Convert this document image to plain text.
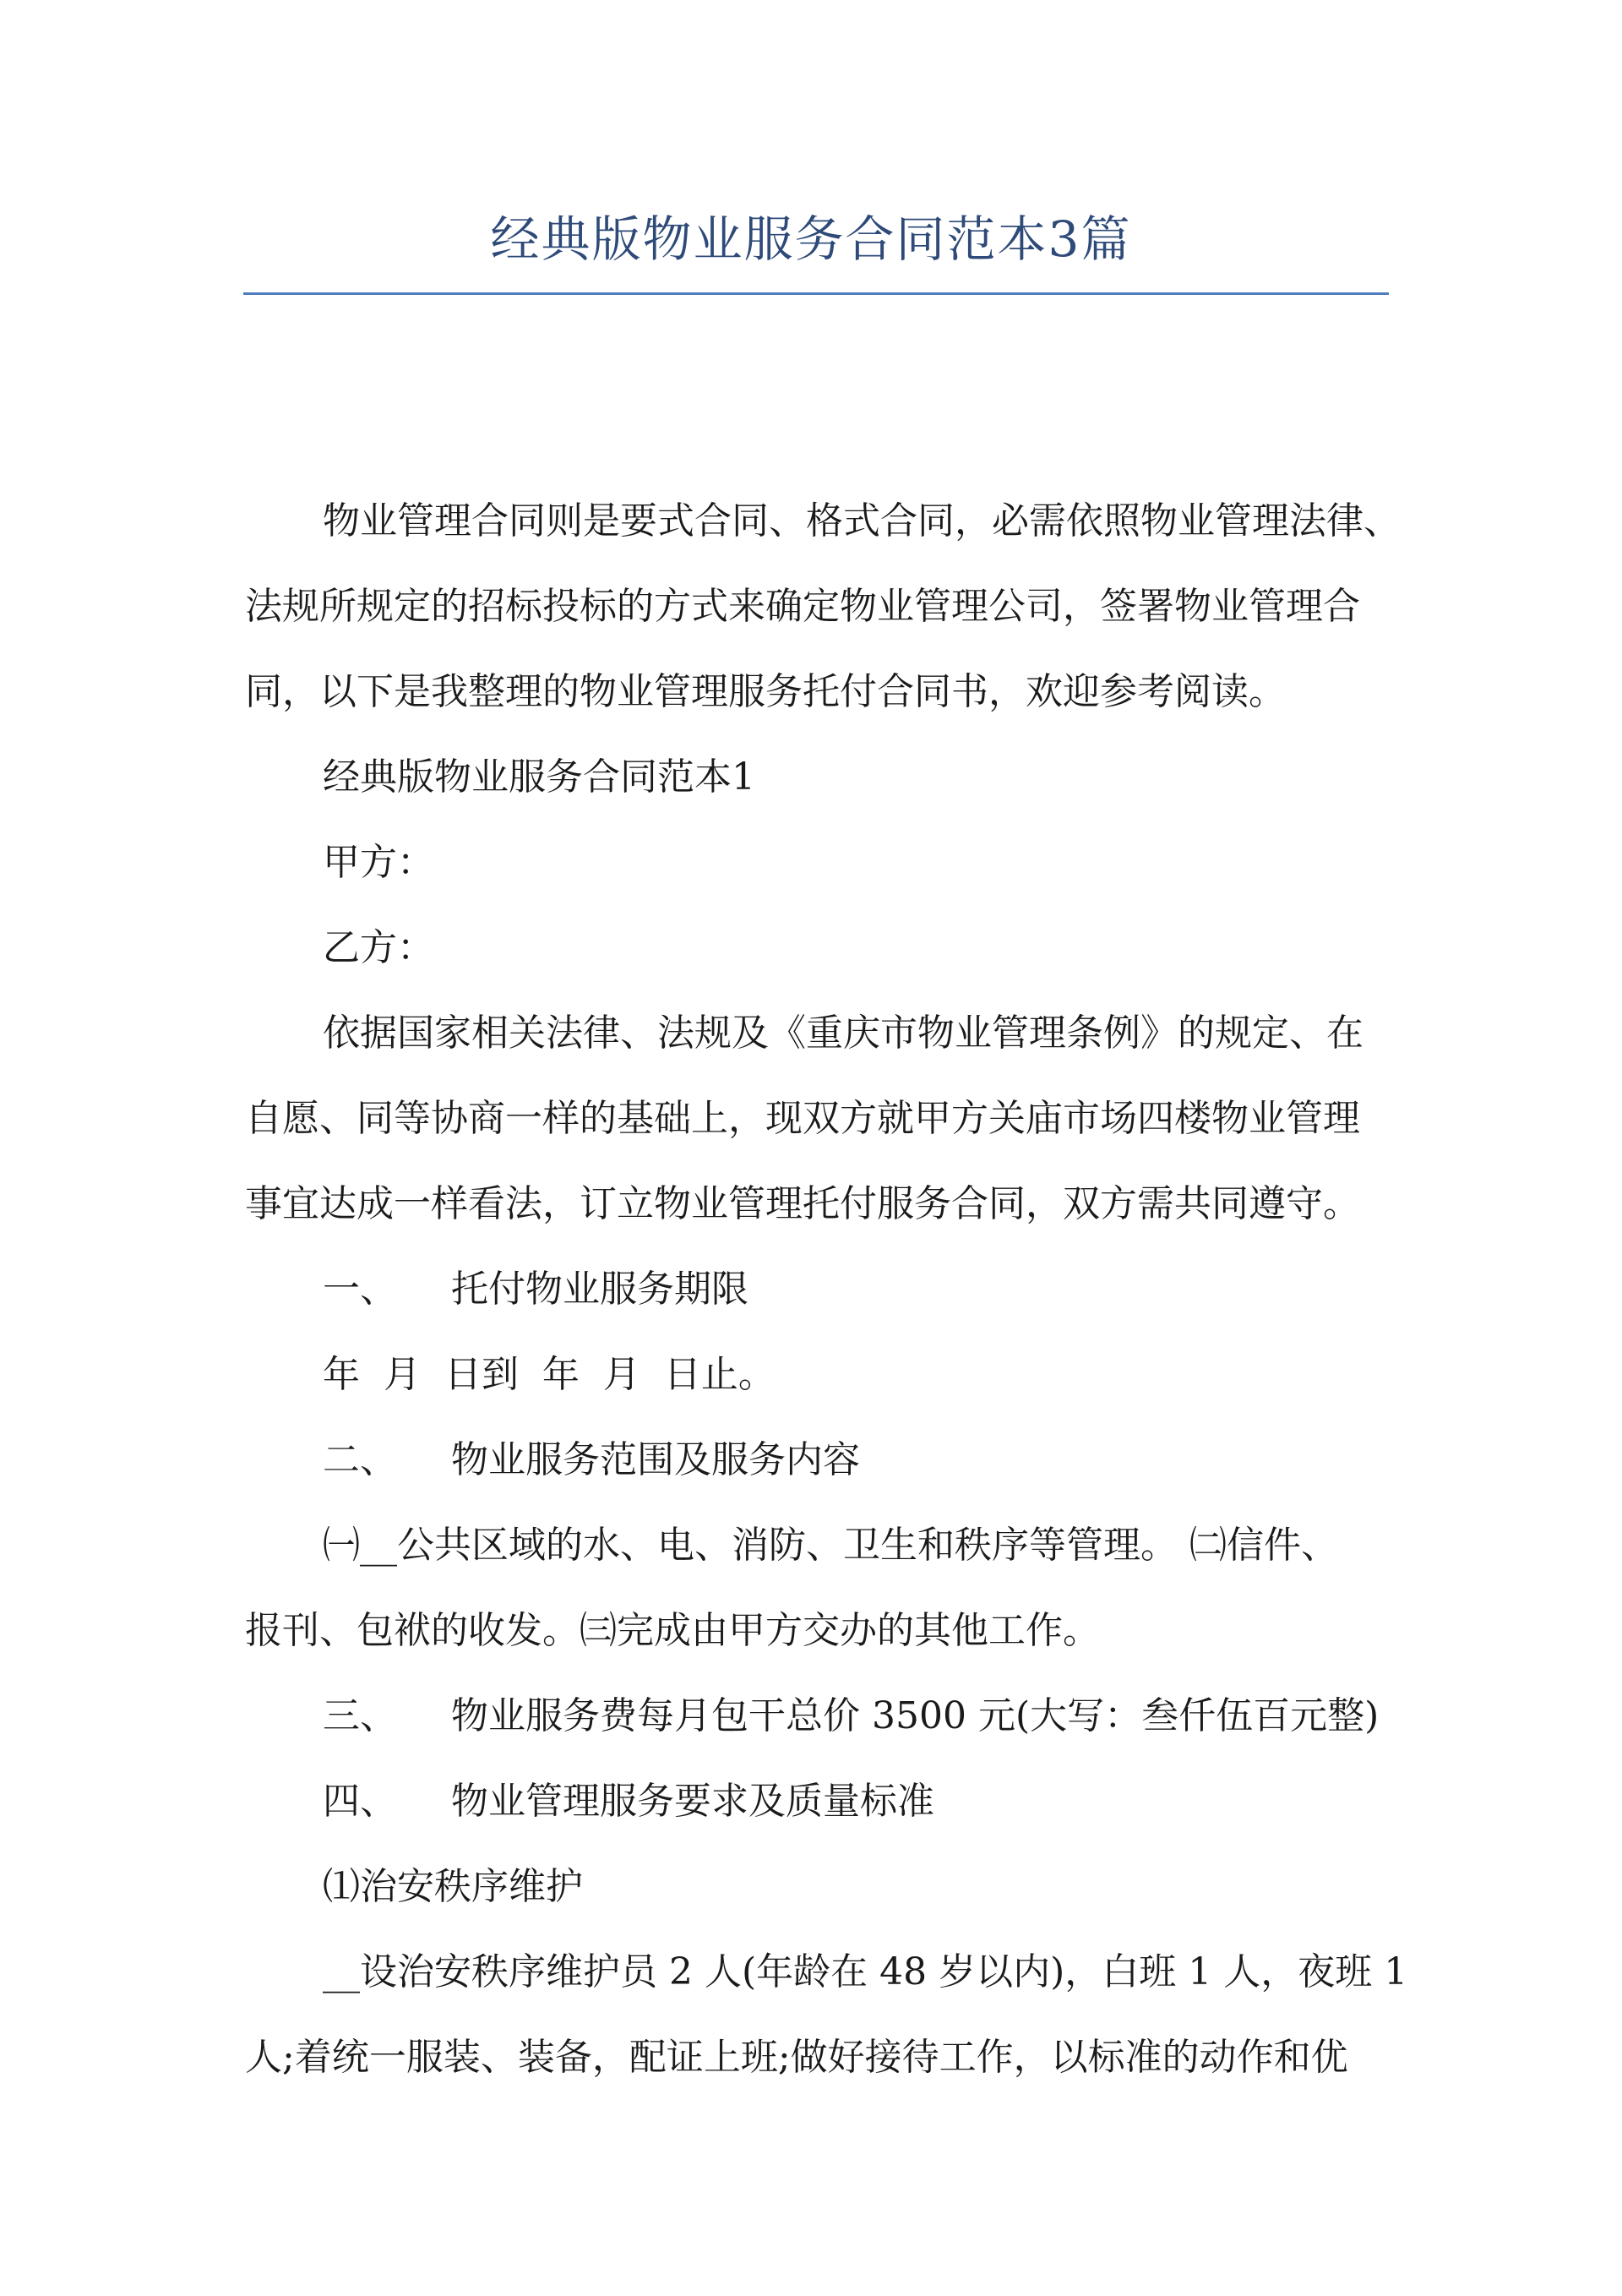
经典版物业服务合同范本3篇

物业管理合同则是要式合同、格式合同，必需依照物业管理法律、

法规所规定的招标投标的方式来确定物业管理公司，签署物业管理合

同，以下是我整理的物业管理服务托付合同书，欢迎参考阅读。

经典版物业服务合同范本1

甲方：

乙方：

依据国家相关法律、法规及《重庆市物业管理条例》的规定、在

自愿、同等协商一样的基础上，现双方就甲方关庙市场四楼物业管理

事宜达成一样看法，订立物业管理托付服务合同，双方需共同遵守。

一、 托付物业服务期限

年  月  日到  年  月  日止。

二、 物业服务范围及服务内容

㈠__公共区域的水、电、消防、卫生和秩序等管理。 ㈡信件、

报刊、包袱的收发。㈢完成由甲方交办的其他工作。

三、 物业服务费每月包干总价 3500 元(大写：叁仟伍百元整)

四、 物业管理服务要求及质量标准

⑴治安秩序维护

__设治安秩序维护员 2 人(年龄在 48 岁以内)，白班 1 人，夜班 1

人;着统一服装、装备，配证上班;做好接待工作，以标准的动作和优
